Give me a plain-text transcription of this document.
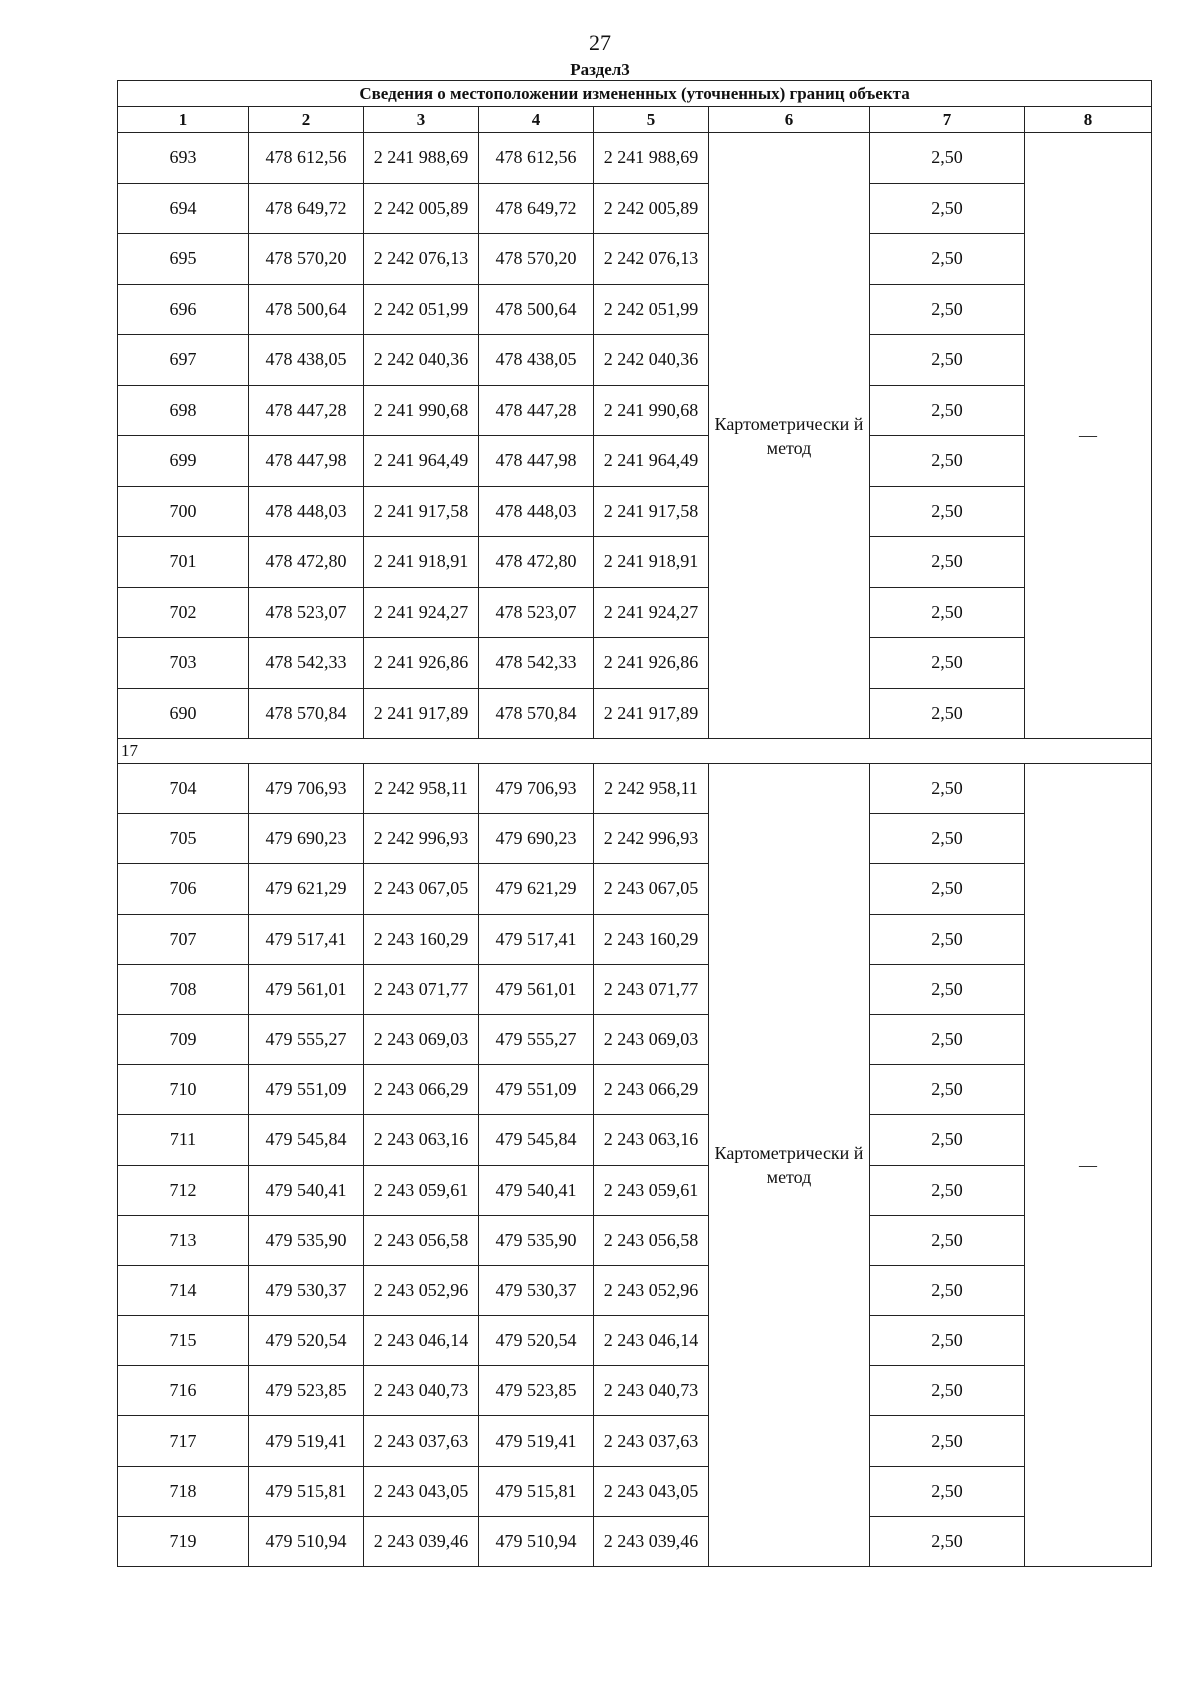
27
Раздел3
Сведения о местоположении измененных (уточненных) границ объекта							
1	2	3	4	5	6	7	8
693	478 612,56	2 241 988,69	478 612,56	2 241 988,69	Картометрически й метод	2,50	—
694	478 649,72	2 242 005,89	478 649,72	2 242 005,89		2,50	
695	478 570,20	2 242 076,13	478 570,20	2 242 076,13		2,50	
696	478 500,64	2 242 051,99	478 500,64	2 242 051,99		2,50	
697	478 438,05	2 242 040,36	478 438,05	2 242 040,36		2,50	
698	478 447,28	2 241 990,68	478 447,28	2 241 990,68		2,50	
699	478 447,98	2 241 964,49	478 447,98	2 241 964,49		2,50	
700	478 448,03	2 241 917,58	478 448,03	2 241 917,58		2,50	
701	478 472,80	2 241 918,91	478 472,80	2 241 918,91		2,50	
702	478 523,07	2 241 924,27	478 523,07	2 241 924,27		2,50	
703	478 542,33	2 241 926,86	478 542,33	2 241 926,86		2,50	
690	478 570,84	2 241 917,89	478 570,84	2 241 917,89		2,50	
17							
704	479 706,93	2 242 958,11	479 706,93	2 242 958,11	Картометрически й метод	2,50	—
705	479 690,23	2 242 996,93	479 690,23	2 242 996,93		2,50	
706	479 621,29	2 243 067,05	479 621,29	2 243 067,05		2,50	
707	479 517,41	2 243 160,29	479 517,41	2 243 160,29		2,50	
708	479 561,01	2 243 071,77	479 561,01	2 243 071,77		2,50	
709	479 555,27	2 243 069,03	479 555,27	2 243 069,03		2,50	
710	479 551,09	2 243 066,29	479 551,09	2 243 066,29		2,50	
711	479 545,84	2 243 063,16	479 545,84	2 243 063,16		2,50	
712	479 540,41	2 243 059,61	479 540,41	2 243 059,61		2,50	
713	479 535,90	2 243 056,58	479 535,90	2 243 056,58		2,50	
714	479 530,37	2 243 052,96	479 530,37	2 243 052,96		2,50	
715	479 520,54	2 243 046,14	479 520,54	2 243 046,14		2,50	
716	479 523,85	2 243 040,73	479 523,85	2 243 040,73		2,50	
717	479 519,41	2 243 037,63	479 519,41	2 243 037,63		2,50	
718	479 515,81	2 243 043,05	479 515,81	2 243 043,05		2,50	
719	479 510,94	2 243 039,46	479 510,94	2 243 039,46		2,50	
